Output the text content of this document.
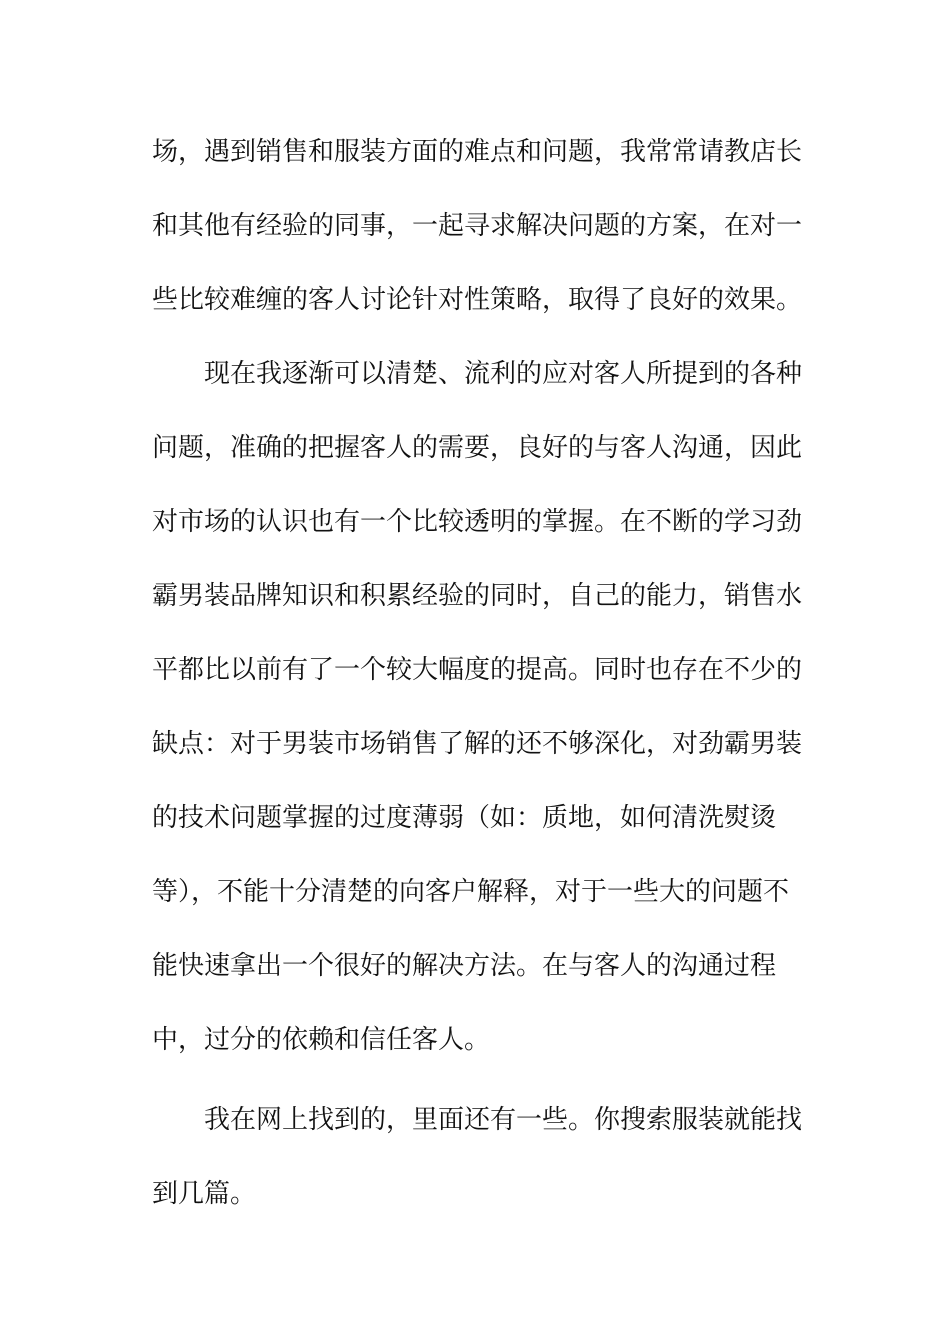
场，遇到销售和服装方面的难点和问题，我常常请教店长
和其他有经验的同事，一起寻求解决问题的方案，在对一
些比较难缠的客人讨论针对性策略，取得了良好的效果。
现在我逐渐可以清楚、流利的应对客人所提到的各种
问题，准确的把握客人的需要，良好的与客人沟通，因此
对市场的认识也有一个比较透明的掌握。在不断的学习劲
霸男装品牌知识和积累经验的同时，自己的能力，销售水
平都比以前有了一个较大幅度的提高。同时也存在不少的
缺点：对于男装市场销售了解的还不够深化，对劲霸男装
的技术问题掌握的过度薄弱（如：质地，如何清洗熨烫
等），不能十分清楚的向客户解释，对于一些大的问题不
能快速拿出一个很好的解决方法。在与客人的沟通过程
中，过分的依赖和信任客人。
我在网上找到的，里面还有一些。你搜索服装就能找
到几篇。
